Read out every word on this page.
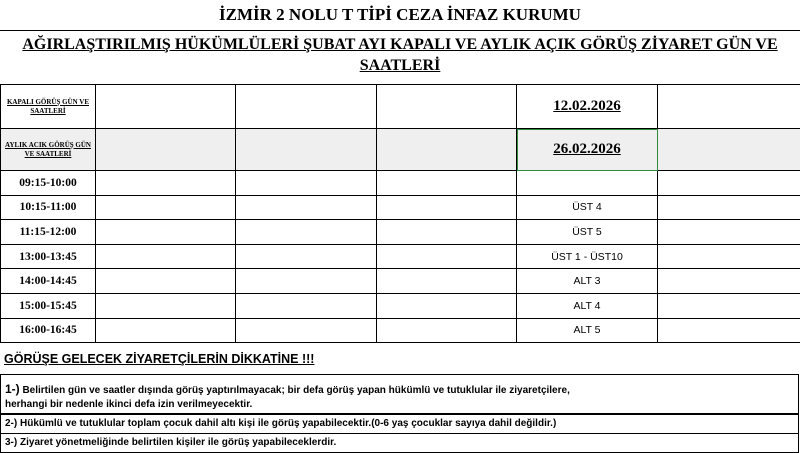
İZMİR 2 NOLU T TİPİ CEZA İNFAZ KURUMU
AĞIRLAŞTIRILMIŞ HÜKÜMLÜLERİ ŞUBAT AYI KAPALI VE AYLIK AÇIK GÖRÜŞ ZİYARET GÜN VE
SAATLERİ
KAPALI GÖRÜŞ GÜN VE SAATLERİ				12.02.2026	
AYLIK ACIK GÖRÜŞ GÜN VE SAATLERİ				26.02.2026	
09:15-10:00					
10:15-11:00				ÜST 4	
11:15-12:00				ÜST 5	
13:00-13:45				ÜST 1 - ÜST10	
14:00-14:45				ALT 3	
15:00-15:45				ALT 4	
16:00-16:45				ALT 5	
GÖRÜŞE GELECEK ZİYARETÇİLERİN DİKKATİNE !!!
1-) Belirtilen gün ve saatler dışında görüş yaptırılmayacak; bir defa görüş yapan hükümlü ve tutuklular ile ziyaretçilere,
herhangi bir nedenle ikinci defa izin verilmeyecektir.
2-) Hükümlü ve tutuklular toplam çocuk dahil altı kişi ile görüş yapabilecektir.(0-6 yaş çocuklar sayıya dahil değildir.)
3-) Ziyaret yönetmeliğinde belirtilen kişiler ile görüş yapabileceklerdir.
